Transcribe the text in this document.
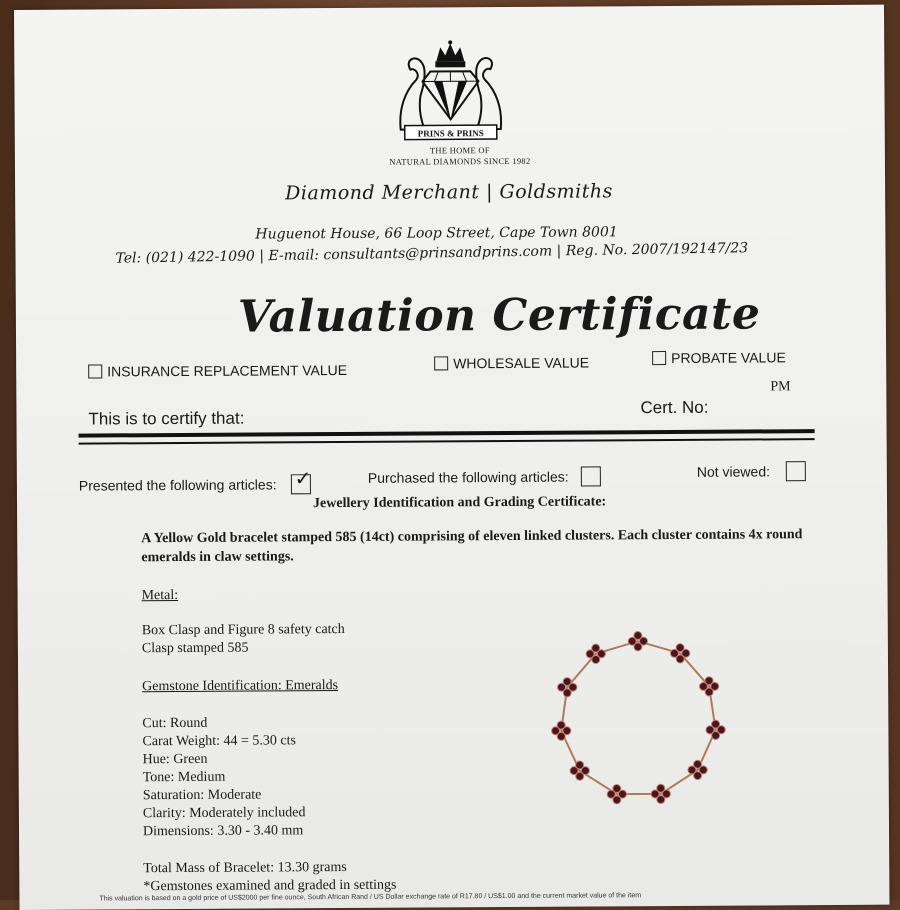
PRINS & PRINS
THE HOME OF
NATURAL DIAMONDS SINCE 1982
Diamond Merchant | Goldsmiths
Huguenot House, 66 Loop Street, Cape Town 8001
Tel: (021) 422-1090 | E-mail: consultants@prinsandprins.com | Reg. No. 2007/192147/23
Valuation Certificate
INSURANCE REPLACEMENT VALUE	WHOLESALE VALUE	PROBATE VALUE
PM
This is to certify that:
Cert. No:
Presented the following articles: ✓	Purchased the following articles:	Not viewed:
Jewellery Identification and Grading Certificate:
A Yellow Gold bracelet stamped 585 (14ct) comprising of eleven linked clusters. Each cluster contains 4x round emeralds in claw settings.
Metal:
Box Clasp and Figure 8 safety catch
Clasp stamped 585
Gemstone Identification: Emeralds
Cut: Round
Carat Weight: 44 = 5.30 cts
Hue: Green
Tone: Medium
Saturation: Moderate
Clarity: Moderately included
Dimensions: 3.30 - 3.40 mm
Total Mass of Bracelet: 13.30 grams
*Gemstones examined and graded in settings
This valuation is based on a gold price of US$2000 per fine ounce, South African Rand / US Dollar exchange rate of R17.80 / US$1.00 and the current market value of the item
